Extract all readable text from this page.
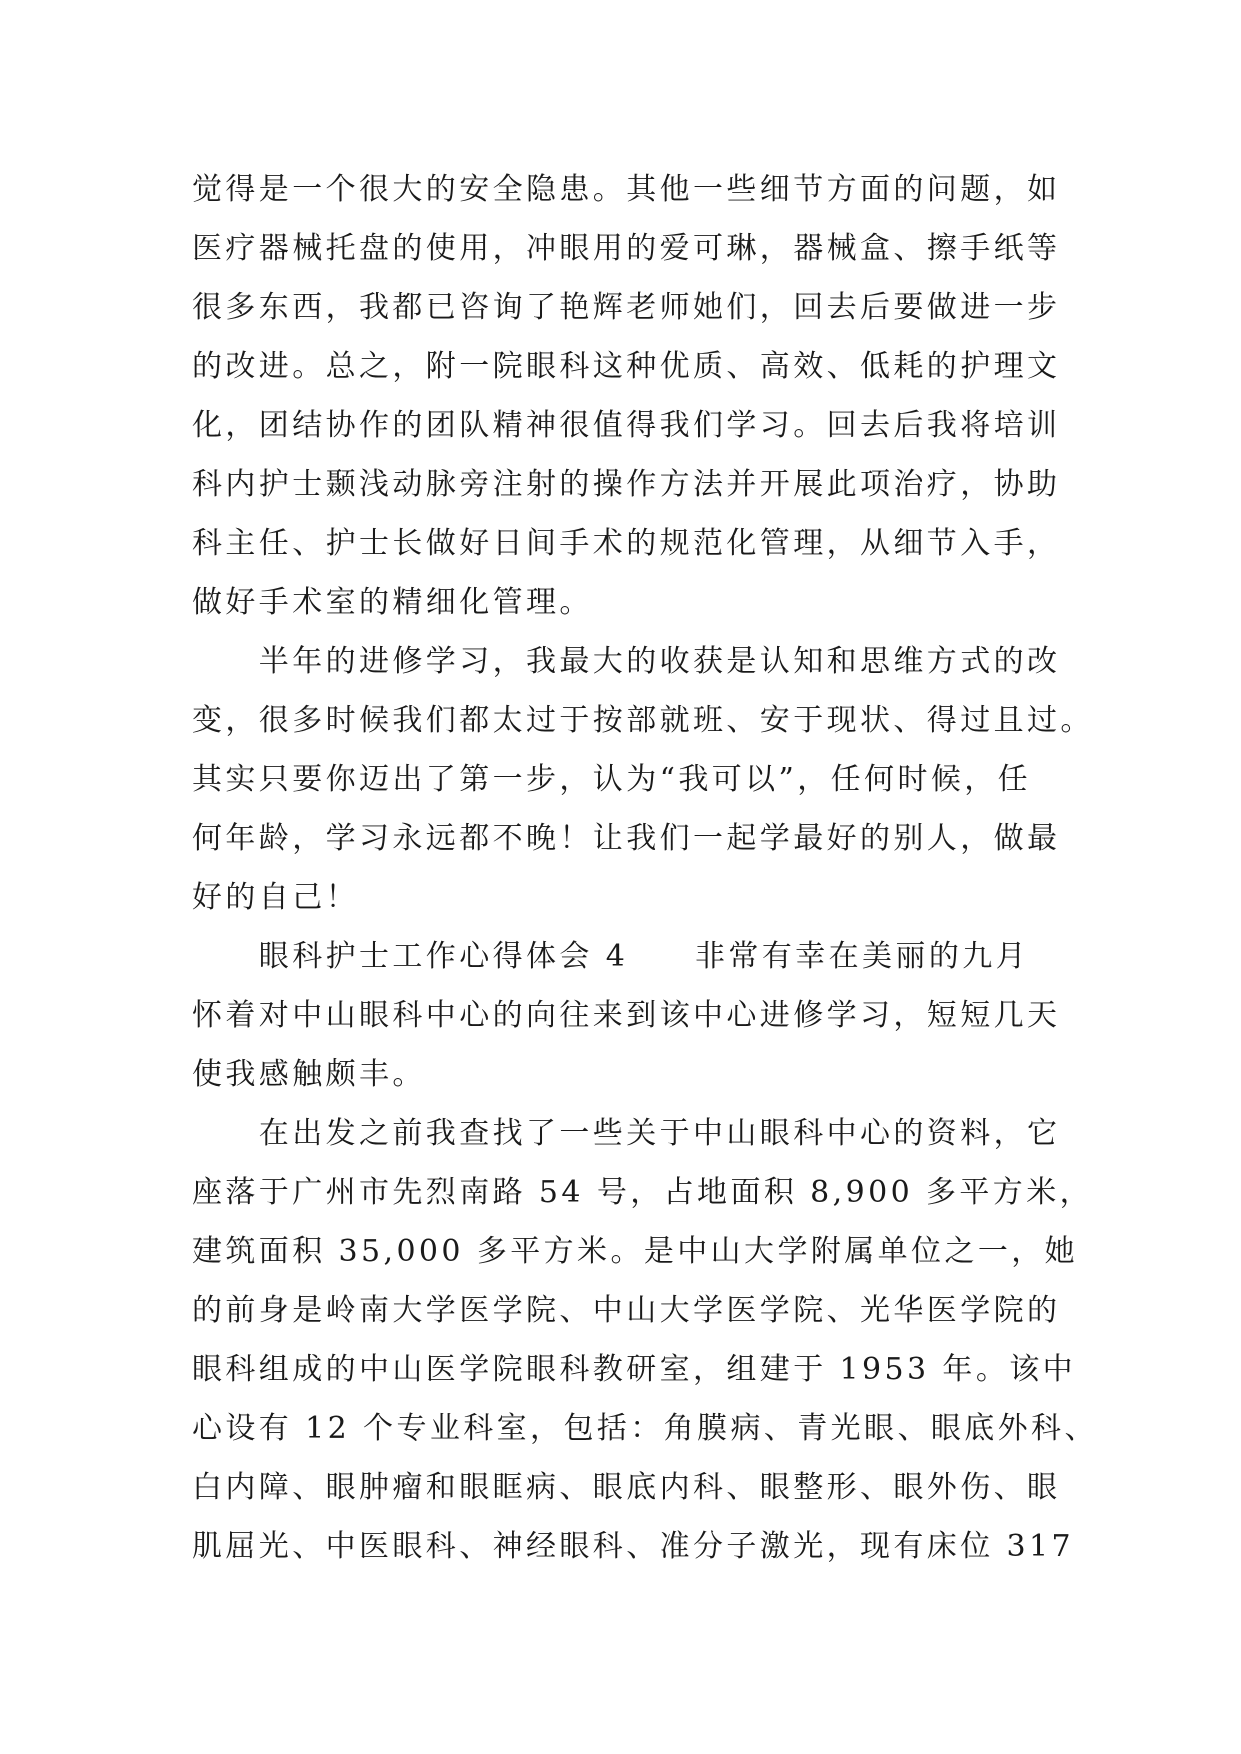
觉得是一个很大的安全隐患。其他一些细节方面的问题，如
医疗器械托盘的使用，冲眼用的爱可琳，器械盒、擦手纸等
很多东西，我都已咨询了艳辉老师她们，回去后要做进一步
的改进。总之，附一院眼科这种优质、高效、低耗的护理文
化，团结协作的团队精神很值得我们学习。回去后我将培训
科内护士颞浅动脉旁注射的操作方法并开展此项治疗，协助
科主任、护士长做好日间手术的规范化管理，从细节入手，
做好手术室的精细化管理。
　　半年的进修学习，我最大的收获是认知和思维方式的改
变，很多时候我们都太过于按部就班、安于现状、得过且过。
其实只要你迈出了第一步，认为“我可以”，任何时候，任
何年龄，学习永远都不晚！让我们一起学最好的别人，做最
好的自己！
　　眼科护士工作心得体会 4　　非常有幸在美丽的九月
怀着对中山眼科中心的向往来到该中心进修学习，短短几天
使我感触颇丰。
　　在出发之前我查找了一些关于中山眼科中心的资料，它
座落于广州市先烈南路 54 号，占地面积 8,900 多平方米，
建筑面积 35,000 多平方米。是中山大学附属单位之一，她
的前身是岭南大学医学院、中山大学医学院、光华医学院的
眼科组成的中山医学院眼科教研室，组建于 1953 年。该中
心设有 12 个专业科室，包括：角膜病、青光眼、眼底外科、
白内障、眼肿瘤和眼眶病、眼底内科、眼整形、眼外伤、眼
肌屈光、中医眼科、神经眼科、准分子激光，现有床位 317
